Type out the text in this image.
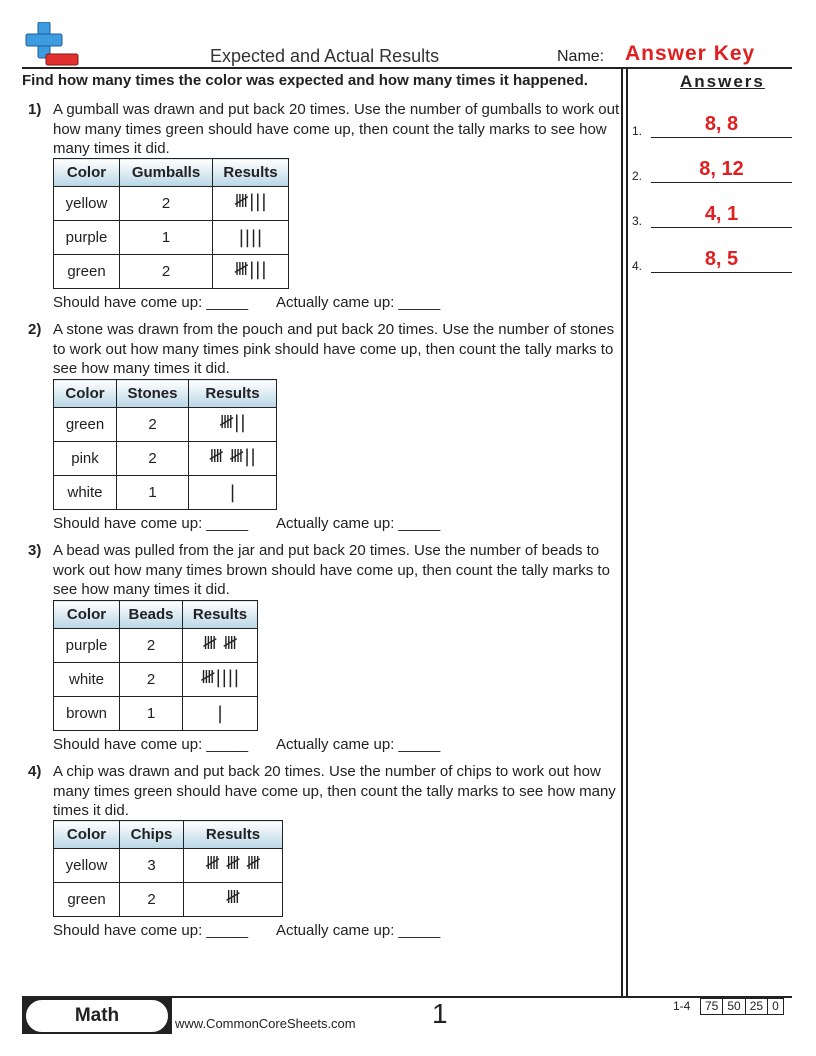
Expected and Actual Results	Name: Answer Key
Find how many times the color was expected and how many times it happened.	Answers
1.	8, 8
2.	8, 12
3.	4, 1
4.	8, 5
1) A gumball was drawn and put back 20 times. Use the number of gumballs to work out how many times green should have come up, then count the tally marks to see how many times it did.
Color	Gumballs	Results
yellow	2	𝍸|||
purple	1	||||
green	2	𝍸|||
Should have come up: _____ Actually came up: _____
2) A stone was drawn from the pouch and put back 20 times. Use the number of stones to work out how many times pink should have come up, then count the tally marks to see how many times it did.
Color	Stones	Results
green	2	𝍸||
pink	2	𝍸 𝍸||
white	1	|
Should have come up: _____ Actually came up: _____
3) A bead was pulled from the jar and put back 20 times. Use the number of beads to work out how many times brown should have come up, then count the tally marks to see how many times it did.
Color	Beads	Results
purple	2	𝍸 𝍸
white	2	𝍸||||
brown	1	|
Should have come up: _____ Actually came up: _____
4) A chip was drawn and put back 20 times. Use the number of chips to work out how many times green should have come up, then count the tally marks to see how many times it did.
Color	Chips	Results
yellow	3	𝍸 𝍸 𝍸
green	2	𝍸
Should have come up: _____ Actually came up: _____
Math	www.CommonCoreSheets.com	1	1-4	75 50 25 0
